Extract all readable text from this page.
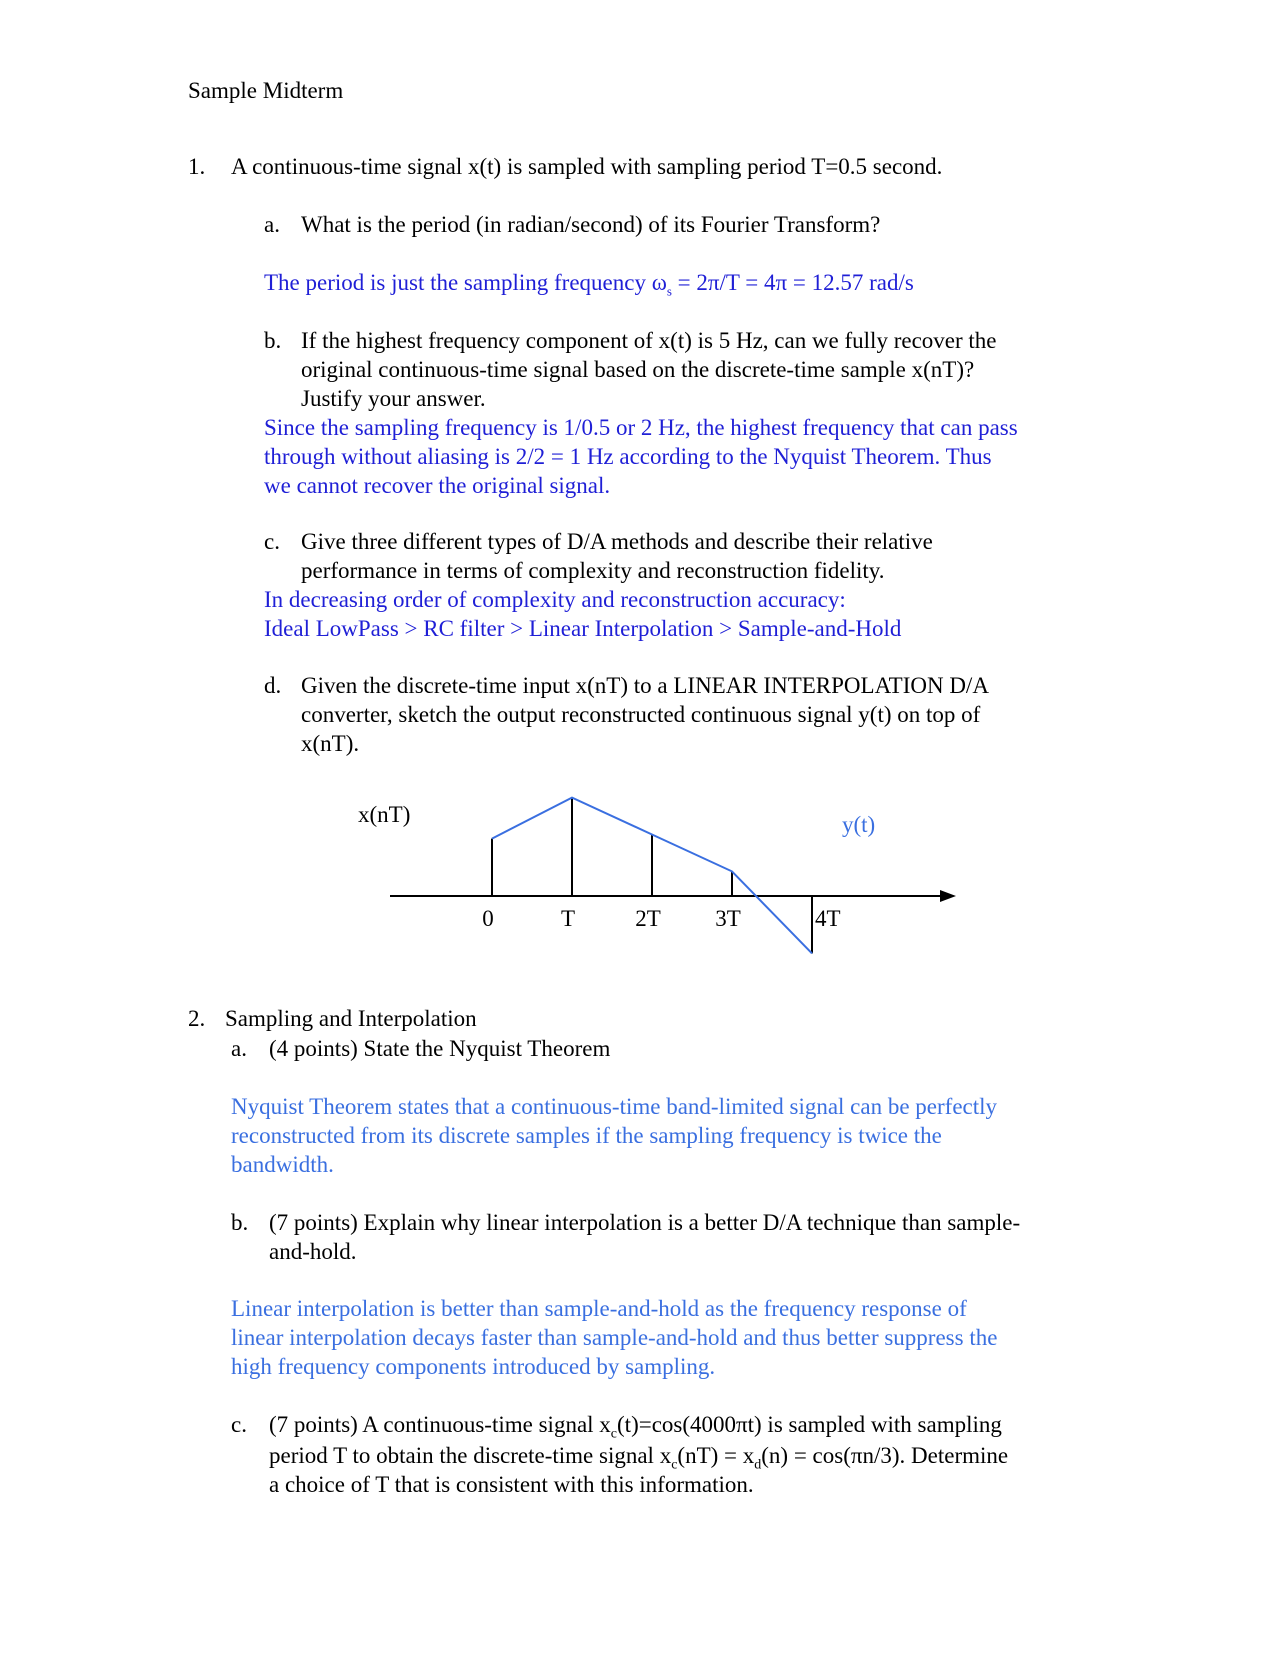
Sample Midterm
1. A continuous-time signal x(t) is sampled with sampling period T=0.5 second.
a. What is the period (in radian/second) of its Fourier Transform?
The period is just the sampling frequency $\omega_s = 2\pi/T = 4\pi = 12.57$ rad/s
b. If the highest frequency component of x(t) is 5 Hz, can we fully recover the
original continuous-time signal based on the discrete-time sample x(nT)?
Justify your answer.
Since the sampling frequency is 1/0.5 or 2 Hz, the highest frequency that can pass
through without aliasing is 2/2 = 1 Hz according to the Nyquist Theorem. Thus
we cannot recover the original signal.
c. Give three different types of D/A methods and describe their relative
performance in terms of complexity and reconstruction fidelity.
In decreasing order of complexity and reconstruction accuracy:
Ideal LowPass > RC filter > Linear Interpolation > Sample-and-Hold
d. Given the discrete-time input x(nT) to a LINEAR INTERPOLATION D/A
converter, sketch the output reconstructed continuous signal y(t) on top of
x(nT).
x(nT)	y(t)
0	T	2T 3T	4T
2. Sampling and Interpolation
a. (4 points) State the Nyquist Theorem
Nyquist Theorem states that a continuous-time band-limited signal can be perfectly
reconstructed from its discrete samples if the sampling frequency is twice the
bandwidth.
b. (7 points) Explain why linear interpolation is a better D/A technique than sample-
and-hold.
Linear interpolation is better than sample-and-hold as the frequency response of
linear interpolation decays faster than sample-and-hold and thus better suppress the
high frequency components introduced by sampling.
c. (7 points) A continuous-time signal $x_c(t)=\cos(4000\pi t)$ is sampled with sampling
period T to obtain the discrete-time signal $x_c(nT) = x_d(n) = \cos(\pi n/3)$. Determine
a choice of T that is consistent with this information.
